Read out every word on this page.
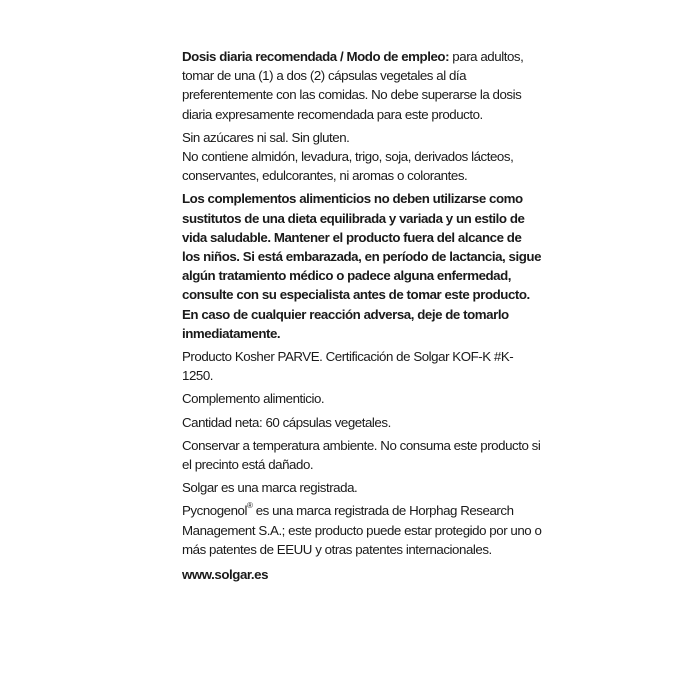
Dosis diaria recomendada / Modo de empleo: para adultos, tomar de una (1) a dos (2) cápsulas vegetales al día preferentemente con las comidas. No debe superarse la dosis diaria expresamente recomendada para este producto.

Sin azúcares ni sal. Sin gluten.

No contiene almidón, levadura, trigo, soja, derivados lácteos, conservantes, edulcorantes, ni aromas o colorantes.

Los complementos alimenticios no deben utilizarse como sustitutos de una dieta equilibrada y variada y un estilo de vida saludable. Mantener el producto fuera del alcance de los niños. Si está embarazada, en período de lactancia, sigue algún tratamiento médico o padece alguna enfermedad, consulte con su especialista antes de tomar este producto. En caso de cualquier reacción adversa, deje de tomarlo inmediatamente.

Producto Kosher PARVE. Certificación de Solgar KOF-K #K-1250.

Complemento alimenticio.

Cantidad neta: 60 cápsulas vegetales.

Conservar a temperatura ambiente. No consuma este producto si el precinto está dañado.

Solgar es una marca registrada.

Pycnogenol® es una marca registrada de Horphag Research Management S.A.; este producto puede estar protegido por uno o más patentes de EEUU y otras patentes internacionales.

www.solgar.es
